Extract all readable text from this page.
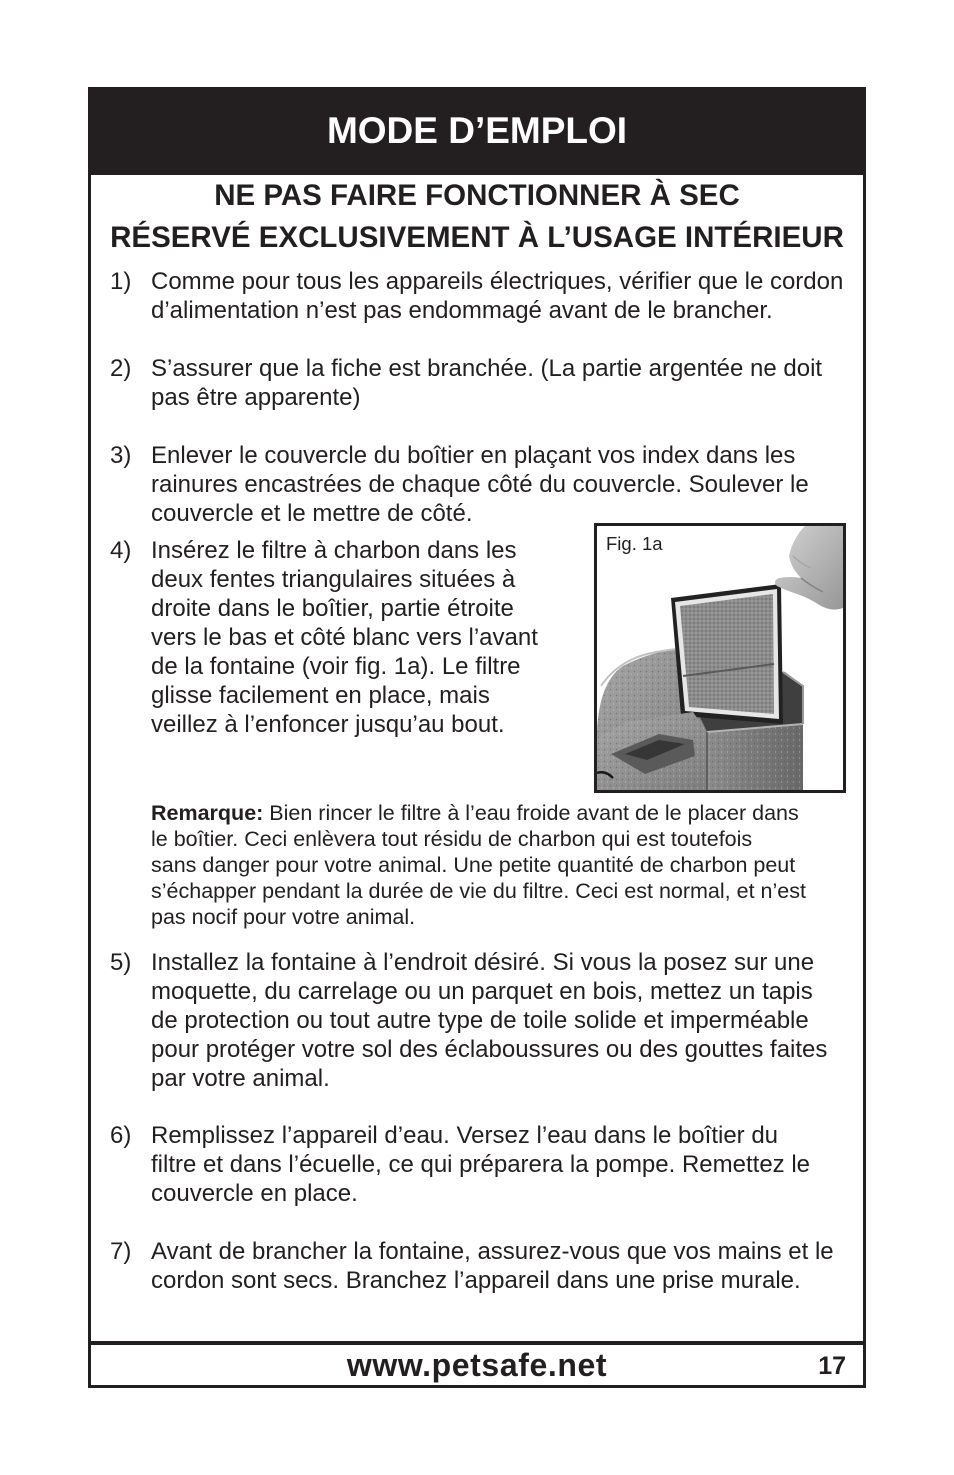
MODE D’EMPLOI
NE PAS FAIRE FONCTIONNER À SEC
RÉSERVÉ EXCLUSIVEMENT À L’USAGE INTÉRIEUR
1) Comme pour tous les appareils électriques, vérifier que le cordon
d’alimentation n’est pas endommagé avant de le brancher.
2) S’assurer que la fiche est branchée. (La partie argentée ne doit
pas être apparente)
3) Enlever le couvercle du boîtier en plaçant vos index dans les
rainures encastrées de chaque côté du couvercle. Soulever le
couvercle et le mettre de côté.
4) Insérez le filtre à charbon dans les
deux fentes triangulaires situées à
droite dans le boîtier, partie étroite
vers le bas et côté blanc vers l’avant
de la fontaine (voir fig. 1a). Le filtre
glisse facilement en place, mais
veillez à l’enfoncer jusqu’au bout.
Fig. 1a
Remarque: Bien rincer le filtre à l’eau froide avant de le placer dans
le boîtier. Ceci enlèvera tout résidu de charbon qui est toutefois
sans danger pour votre animal. Une petite quantité de charbon peut
s’échapper pendant la durée de vie du filtre. Ceci est normal, et n’est
pas nocif pour votre animal.
5) Installez la fontaine à l’endroit désiré. Si vous la posez sur une
moquette, du carrelage ou un parquet en bois, mettez un tapis
de protection ou tout autre type de toile solide et imperméable
pour protéger votre sol des éclaboussures ou des gouttes faites
par votre animal.
6) Remplissez l’appareil d’eau. Versez l’eau dans le boîtier du
filtre et dans l’écuelle, ce qui préparera la pompe. Remettez le
couvercle en place.
7) Avant de brancher la fontaine, assurez-vous que vos mains et le
cordon sont secs. Branchez l’appareil dans une prise murale.
www.petsafe.net	17
